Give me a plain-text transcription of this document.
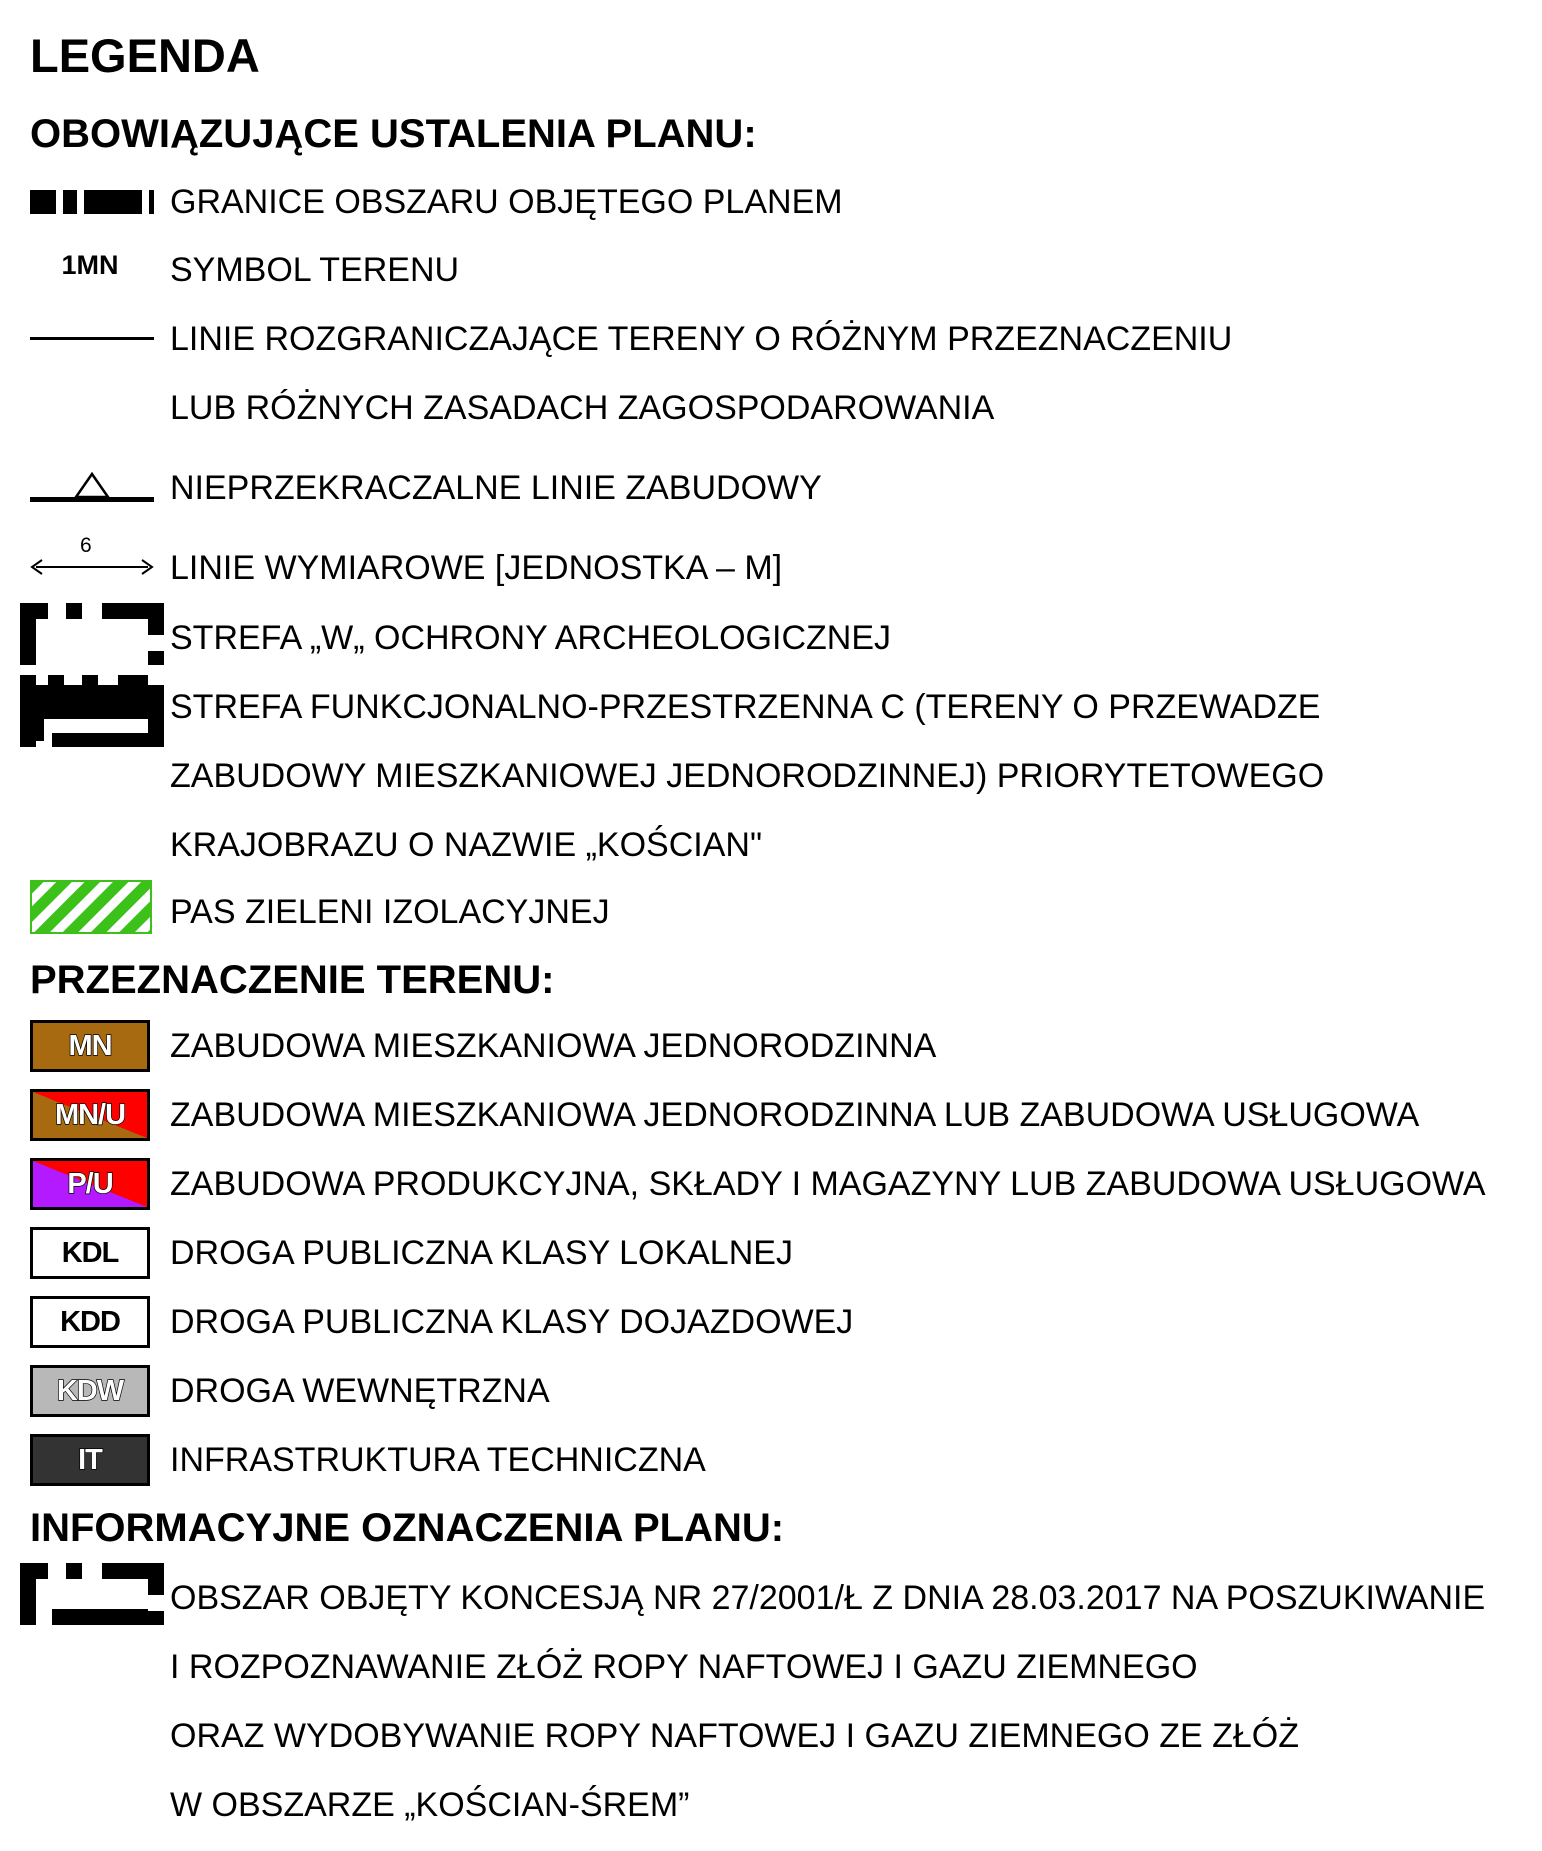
LEGENDA
OBOWIĄZUJĄCE USTALENIA PLANU:

GRANICE OBSZARU OBJĘTEGO PLANEM

1MN	SYMBOL TERENU

LINIE ROZGRANICZAJĄCE TERENY O RÓŻNYM PRZEZNACZENIU

LUB RÓŻNYCH ZASADACH ZAGOSPODAROWANIA

NIEPRZEKRACZALNE LINIE ZABUDOWY

6

LINIE WYMIAROWE [JEDNOSTKA – M]

STREFA „W„ OCHRONY ARCHEOLOGICZNEJ

STREFA FUNKCJONALNO-PRZESTRZENNA C (TERENY O PRZEWADZE

ZABUDOWY MIESZKANIOWEJ JEDNORODZINNEJ) PRIORYTETOWEGO

KRAJOBRAZU O NAZWIE „KOŚCIAN"

PAS ZIELENI IZOLACYJNEJ

PRZEZNACZENIE TERENU:
MN	ZABUDOWA MIESZKANIOWA JEDNORODZINNA

MN/U	ZABUDOWA MIESZKANIOWA JEDNORODZINNA LUB ZABUDOWA USŁUGOWA

P/U	ZABUDOWA PRODUKCYJNA, SKŁADY I MAGAZYNY LUB ZABUDOWA USŁUGOWA

KDL	DROGA PUBLICZNA KLASY LOKALNEJ

KDD	DROGA PUBLICZNA KLASY DOJAZDOWEJ

KDW	DROGA WEWNĘTRZNA

IT	INFRASTRUKTURA TECHNICZNA

INFORMACYJNE OZNACZENIA PLANU:

OBSZAR OBJĘTY KONCESJĄ NR 27/2001/Ł Z DNIA 28.03.2017 NA POSZUKIWANIE

I ROZPOZNAWANIE ZŁÓŻ ROPY NAFTOWEJ I GAZU ZIEMNEGO

ORAZ WYDOBYWANIE ROPY NAFTOWEJ I GAZU ZIEMNEGO ZE ZŁÓŻ

W OBSZARZE „KOŚCIAN-ŚREM”
